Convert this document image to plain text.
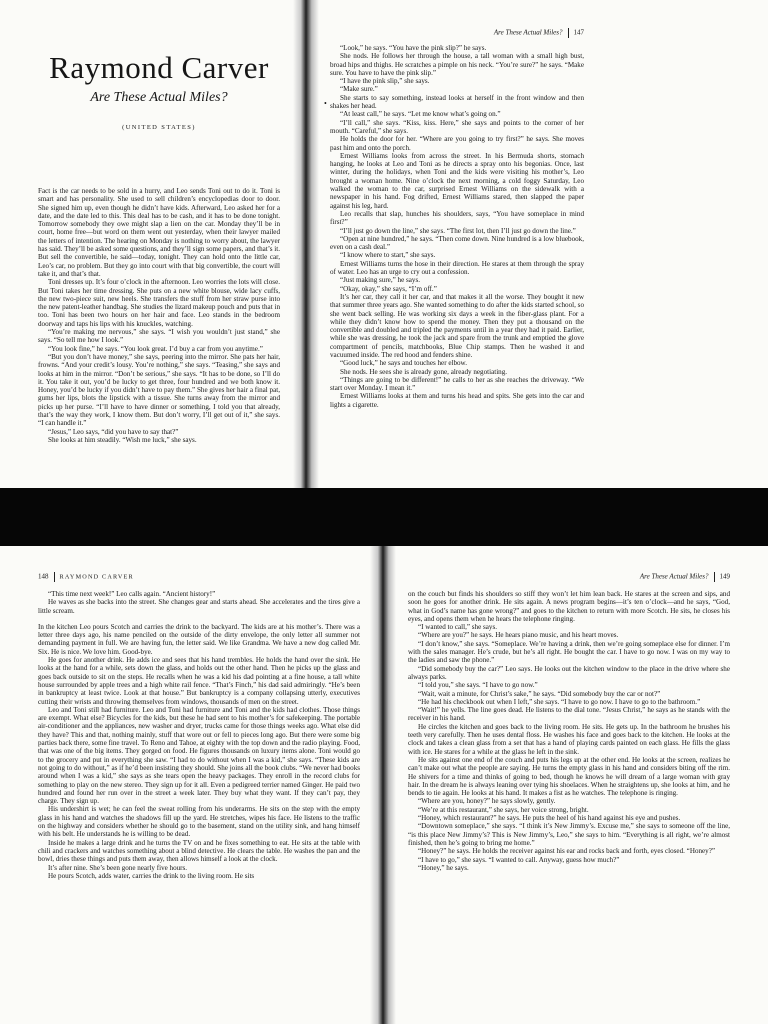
Raymond Carver
Are These Actual Miles?
(UNITED STATES)

Fact is the car needs to be sold in a hurry, and Leo sends Toni out to do it. Toni is smart and has personality. She used to sell children’s encyclopedias door to door. She signed him up, even though he didn’t have kids. Afterward, Leo asked her for a date, and the date led to this. This deal has to be cash, and it has to be done tonight. Tomorrow somebody they owe might slap a lien on the car. Monday they’ll be in court, home free—but word on them went out yesterday, when their lawyer mailed the letters of intention. The hearing on Monday is nothing to worry about, the lawyer has said. They’ll be asked some questions, and they’ll sign some papers, and that’s it. But sell the convertible, he said—today, tonight. They can hold onto the little car, Leo’s car, no problem. But they go into court with that big convertible, the court will take it, and that’s that.

Toni dresses up. It’s four o’clock in the afternoon. Leo worries the lots will close. But Toni takes her time dressing. She puts on a new white blouse, wide lacy cuffs, the new two-piece suit, new heels. She transfers the stuff from her straw purse into the new patent-leather handbag. She studies the lizard makeup pouch and puts that in too. Toni has been two hours on her hair and face. Leo stands in the bedroom doorway and taps his lips with his knuckles, watching.

“You’re making me nervous,” she says. “I wish you wouldn’t just stand,” she says. “So tell me how I look.”

“You look fine,” he says. “You look great. I’d buy a car from you anytime.”

“But you don’t have money,” she says, peering into the mirror. She pats her hair, frowns. “And your credit’s lousy. You’re nothing,” she says. “Teasing,” she says and looks at him in the mirror. “Don’t be serious,” she says. “It has to be done, so I’ll do it. You take it out, you’d be lucky to get three, four hundred and we both know it. Honey, you’d be lucky if you didn’t have to pay them.” She gives her hair a final pat, gums her lips, blots the lipstick with a tissue. She turns away from the mirror and picks up her purse. “I’ll have to have dinner or something, I told you that already, that’s the way they work, I know them. But don’t worry, I’ll get out of it,” she says. “I can handle it.”

“Jesus,” Leo says, “did you have to say that?”

She looks at him steadily. “Wish me luck,” she says.

Are These Actual Miles? 147

“Look,” he says. “You have the pink slip?” he says.

She nods. He follows her through the house, a tall woman with a small high bust, broad hips and thighs. He scratches a pimple on his neck. “You’re sure?” he says. “Make sure. You have to have the pink slip.”

“I have the pink slip,” she says.

“Make sure.”

She starts to say something, instead looks at herself in the front window and then shakes her head.

“At least call,” he says. “Let me know what’s going on.”

“I’ll call,” she says. “Kiss, kiss. Here,” she says and points to the corner of her mouth. “Careful,” she says.

He holds the door for her. “Where are you going to try first?” he says. She moves past him and onto the porch.

Ernest Williams looks from across the street. In his Bermuda shorts, stomach hanging, he looks at Leo and Toni as he directs a spray onto his begonias. Once, last winter, during the holidays, when Toni and the kids were visiting his mother’s, Leo brought a woman home. Nine o’clock the next morning, a cold foggy Saturday, Leo walked the woman to the car, surprised Ernest Williams on the sidewalk with a newspaper in his hand. Fog drifted, Ernest Williams stared, then slapped the paper against his leg, hard.

Leo recalls that slap, hunches his shoulders, says, “You have someplace in mind first?”

“I’ll just go down the line,” she says. “The first lot, then I’ll just go down the line.”

“Open at nine hundred,” he says. “Then come down. Nine hundred is a low bluebook, even on a cash deal.”

“I know where to start,” she says.

Ernest Williams turns the hose in their direction. He stares at them through the spray of water. Leo has an urge to cry out a confession.

“Just making sure,” he says.

“Okay, okay,” she says, “I’m off.”

It’s her car, they call it her car, and that makes it all the worse. They bought it new that summer three years ago. She wanted something to do after the kids started school, so she went back selling. He was working six days a week in the fiber-glass plant. For a while they didn’t know how to spend the money. Then they put a thousand on the convertible and doubled and tripled the payments until in a year they had it paid. Earlier, while she was dressing, he took the jack and spare from the trunk and emptied the glove compartment of pencils, matchbooks, Blue Chip stamps. Then he washed it and vacuumed inside. The red hood and fenders shine.

“Good luck,” he says and touches her elbow.

She nods. He sees she is already gone, already negotiating.

“Things are going to be different!” he calls to her as she reaches the driveway. “We start over Monday. I mean it.”

Ernest Williams looks at them and turns his head and spits. She gets into the car and lights a cigarette.

•
148 RAYMOND CARVER

“This time next week!” Leo calls again. “Ancient history!”

He waves as she backs into the street. She changes gear and starts ahead. She accelerates and the tires give a little scream.

In the kitchen Leo pours Scotch and carries the drink to the backyard. The kids are at his mother’s. There was a letter three days ago, his name penciled on the outside of the dirty envelope, the only letter all summer not demanding payment in full. We are having fun, the letter said. We like Grandma. We have a new dog called Mr. Six. He is nice. We love him. Good-bye.

He goes for another drink. He adds ice and sees that his hand trembles. He holds the hand over the sink. He looks at the hand for a while, sets down the glass, and holds out the other hand. Then he picks up the glass and goes back outside to sit on the steps. He recalls when he was a kid his dad pointing at a fine house, a tall white house surrounded by apple trees and a high white rail fence. “That’s Finch,” his dad said admiringly. “He’s been in bankruptcy at least twice. Look at that house.” But bankruptcy is a company collapsing utterly, executives cutting their wrists and throwing themselves from windows, thousands of men on the street.

Leo and Toni still had furniture. Leo and Toni had furniture and Toni and the kids had clothes. Those things are exempt. What else? Bicycles for the kids, but these he had sent to his mother’s for safekeeping. The portable air-conditioner and the appliances, new washer and dryer, trucks came for those things weeks ago. What else did they have? This and that, nothing mainly, stuff that wore out or fell to pieces long ago. But there were some big parties back there, some fine travel. To Reno and Tahoe, at eighty with the top down and the radio playing. Food, that was one of the big items. They gorged on food. He figures thousands on luxury items alone. Toni would go to the grocery and put in everything she saw. “I had to do without when I was a kid,” she says. “These kids are not going to do without,” as if he’d been insisting they should. She joins all the book clubs. “We never had books around when I was a kid,” she says as she tears open the heavy packages. They enroll in the record clubs for something to play on the new stereo. They sign up for it all. Even a pedigreed terrier named Ginger. He paid two hundred and found her run over in the street a week later. They buy what they want. If they can’t pay, they charge. They sign up.

His undershirt is wet; he can feel the sweat rolling from his underarms. He sits on the step with the empty glass in his hand and watches the shadows fill up the yard. He stretches, wipes his face. He listens to the traffic on the highway and considers whether he should go to the basement, stand on the utility sink, and hang himself with his belt. He understands he is willing to be dead.

Inside he makes a large drink and he turns the TV on and he fixes something to eat. He sits at the table with chili and crackers and watches something about a blind detective. He clears the table. He washes the pan and the bowl, dries these things and puts them away, then allows himself a look at the clock.

It’s after nine. She’s been gone nearly five hours.

He pours Scotch, adds water, carries the drink to the living room. He sits

Are These Actual Miles? 149

on the couch but finds his shoulders so stiff they won’t let him lean back. He stares at the screen and sips, and soon he goes for another drink. He sits again. A news program begins—it’s ten o’clock—and he says, “God, what in God’s name has gone wrong?” and goes to the kitchen to return with more Scotch. He sits, he closes his eyes, and opens them when he hears the telephone ringing.

“I wanted to call,” she says.

“Where are you?” he says. He hears piano music, and his heart moves.

“I don’t know,” she says. “Someplace. We’re having a drink, then we’re going someplace else for dinner. I’m with the sales manager. He’s crude, but he’s all right. He bought the car. I have to go now. I was on my way to the ladies and saw the phone.”

“Did somebody buy the car?” Leo says. He looks out the kitchen window to the place in the drive where she always parks.

“I told you,” she says. “I have to go now.”

“Wait, wait a minute, for Christ’s sake,” he says. “Did somebody buy the car or not?”

“He had his checkbook out when I left,” she says. “I have to go now. I have to go to the bathroom.”

“Wait!” he yells. The line goes dead. He listens to the dial tone. “Jesus Christ,” he says as he stands with the receiver in his hand.

He circles the kitchen and goes back to the living room. He sits. He gets up. In the bathroom he brushes his teeth very carefully. Then he uses dental floss. He washes his face and goes back to the kitchen. He looks at the clock and takes a clean glass from a set that has a hand of playing cards painted on each glass. He fills the glass with ice. He stares for a while at the glass he left in the sink.

He sits against one end of the couch and puts his legs up at the other end. He looks at the screen, realizes he can’t make out what the people are saying. He turns the empty glass in his hand and considers biting off the rim. He shivers for a time and thinks of going to bed, though he knows he will dream of a large woman with gray hair. In the dream he is always leaning over tying his shoelaces. When he straightens up, she looks at him, and he bends to tie again. He looks at his hand. It makes a fist as he watches. The telephone is ringing.

“Where are you, honey?” he says slowly, gently.

“We’re at this restaurant,” she says, her voice strong, bright.

“Honey, which restaurant?” he says. He puts the heel of his hand against his eye and pushes.

“Downtown someplace,” she says. “I think it’s New Jimmy’s. Excuse me,” she says to someone off the line, “is this place New Jimmy’s? This is New Jimmy’s, Leo,” she says to him. “Everything is all right, we’re almost finished, then he’s going to bring me home.”

“Honey?” he says. He holds the receiver against his ear and rocks back and forth, eyes closed. “Honey?”

“I have to go,” she says. “I wanted to call. Anyway, guess how much?”

“Honey,” he says.
